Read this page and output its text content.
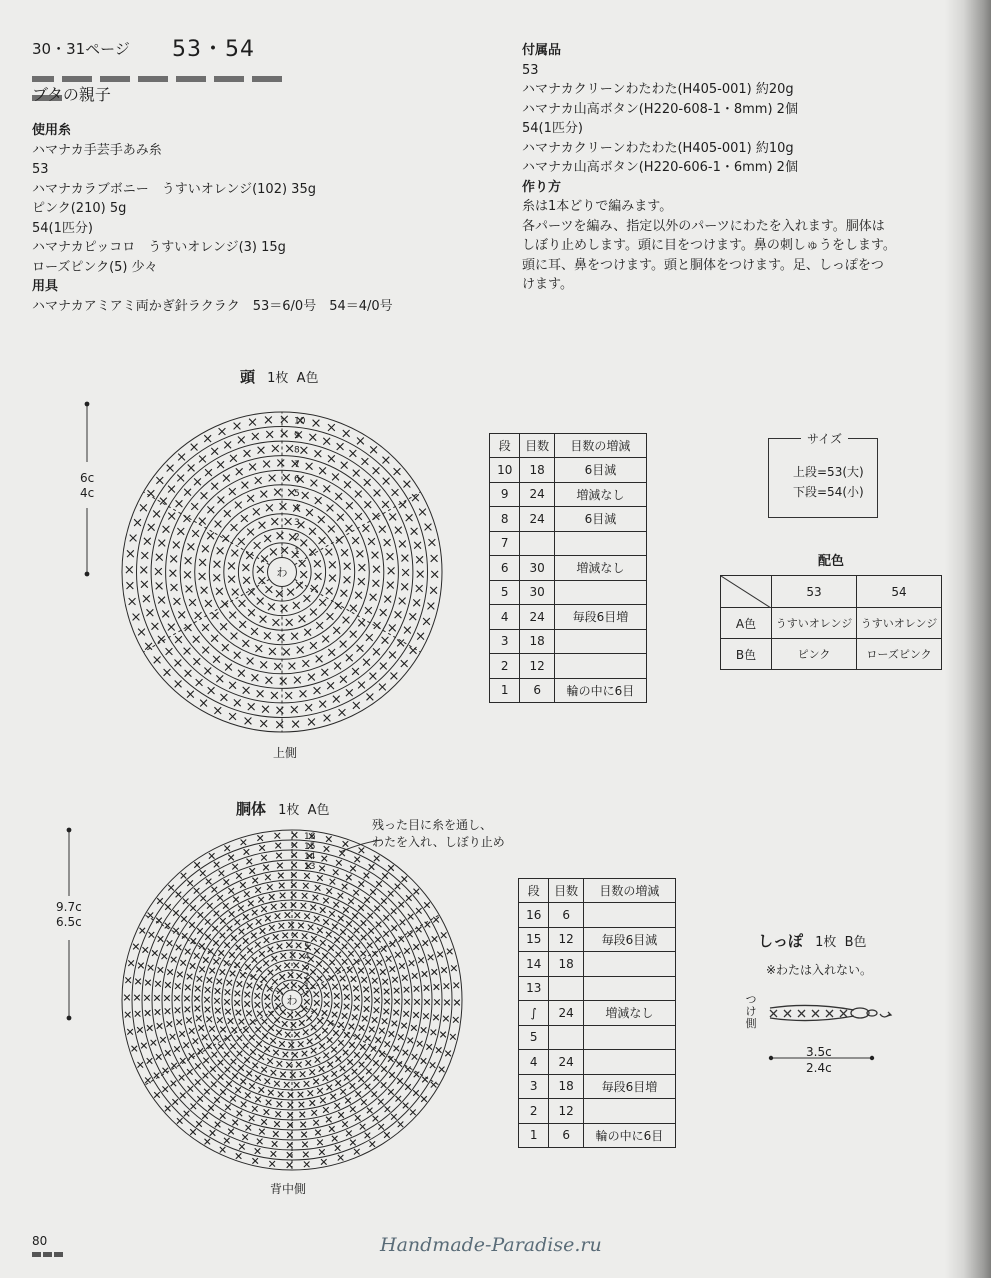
30・31ページ 53・54
ブタの親子
使用糸
ハマナカ手芸手あみ糸
53
ハマナカラブボニー　うすいオレンジ(102) 35g
ピンク(210) 5g
54(1匹分)
ハマナカピッコロ　うすいオレンジ(3) 15g
ローズピンク(5) 少々
用具
ハマナカアミアミ両かぎ針ラクラク　53＝6/0号　54＝4/0号
付属品
53
ハマナカクリーンわたわた(H405-001) 約20g
ハマナカ山高ボタン(H220-608-1・8mm) 2個
54(1匹分)
ハマナカクリーンわたわた(H405-001) 約10g
ハマナカ山高ボタン(H220-606-1・6mm) 2個
作り方
糸は1本どりで編みます。
各パーツを編み、指定以外のパーツにわたを入れます。胴体は
しぼり止めします。頭に目をつけます。鼻の刺しゅうをします。
頭に耳、鼻をつけます。頭と胴体をつけます。足、しっぽをつ
けます。
頭 1枚 A色
6c
4c
わ
1
2
3
4
5
6
7
8
9
10
上側
段	目数	目数の増減
10	18	6目減
9	24	増減なし
8	24	6目減
7		
6	30	増減なし
5	30	
4	24	毎段6目増
3	18	
2	12	
1	6	輪の中に6目
サイズ
上段=53(大)
下段=54(小)
配色
	53	54
A色	うすいオレンジ	うすいオレンジ
B色	ピンク	ローズピンク
胴体 1枚 A色
残った目に糸を通し、
わたを入れ、しぼり止め
9.7c
6.5c
わ
1
2
3
4
5
13
14
15
16
背中側
段	目数	目数の増減
16	6	
15	12	毎段6目減
14	18	
13		
∫	24	増減なし
5		
4	24	
3	18	毎段6目増
2	12	
1	6	輪の中に6目
しっぽ 1枚 B色
※わたは入れない。
つけ側
3.5c
2.4c
80	Handmade-Paradise.ru
